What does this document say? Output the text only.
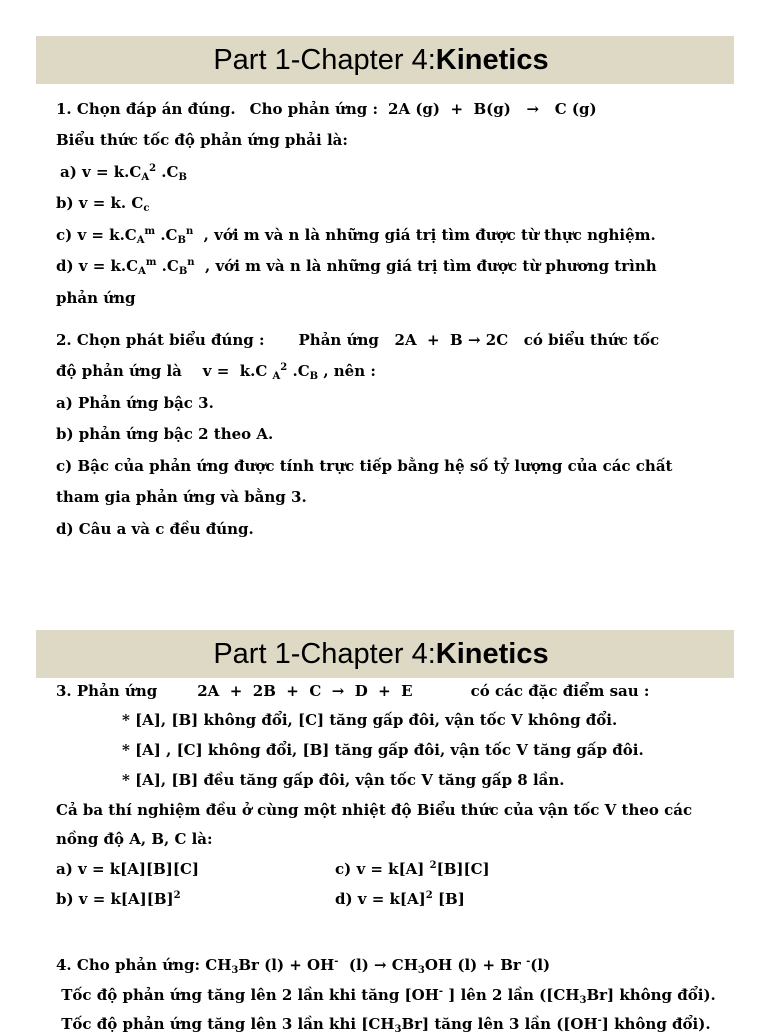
Part 1-Chapter 4: Kinetics

1. Chọn đáp án đúng. Cho phản ứng : 2A (g)  +  B(g)   →   C (g)
Biểu thức tốc độ phản ứng phải là:
a) $v = k.C_A^2$ $.C_B$
b) v = k. $C_c$
c) $v = k.C_A^m$ $.C_B^n$  , với m và n là những giá trị tìm được từ thực nghiệm.
d) $v = k.C_A^m$ $.C_B^n$  , với m và n là những giá trị tìm được từ phương trình
phản ứng
2. Chọn phát biểu đúng : Phản ứng   2A  +  B → 2C   có biểu thức tốc
độ phản ứng là    v =  k.C $_A^2$ $.C_B$ , nên :
a) Phản ứng bậc 3.
b) phản ứng bậc 2 theo A.
c) Bậc của phản ứng được tính trực tiếp bằng hệ số tỷ lượng của các chất
tham gia phản ứng và bằng 3.
d) Câu a và c đều đúng.
Part 1-Chapter 4: Kinetics

3. Phản ứng	2A  +  2B  +  C  →  D  +  E	có các đặc điểm sau :
* [A], [B] không đổi, [C] tăng gấp đôi, vận tốc V không đổi.
* [A] , [C] không đổi, [B] tăng gấp đôi, vận tốc V tăng gấp đôi.
* [A], [B] đều tăng gấp đôi, vận tốc V tăng gấp 8 lần.
Cả ba thí nghiệm đều ở cùng một nhiệt độ Biểu thức của vận tốc V theo các
nồng độ A, B, C là:
a) v = k[A][B][C]	c) v = k[A] $^2$[B][C]
b) $v = k[A][B]^2$	d) $v = k[A]^2$ [B]
4. Cho phản ứng: $CH_3Br$ (l) + OH-  $(l) \to CH_3OH$ (l) + Br -(l)
Tốc độ phản ứng tăng lên 2 lần khi tăng [OH- ] lên 2 lần ($[CH_3Br]$ không đổi).
Tốc độ phản ứng tăng lên 3 lần khi $[CH_3Br]$ tăng lên 3 lần ([OH-] không đổi).
